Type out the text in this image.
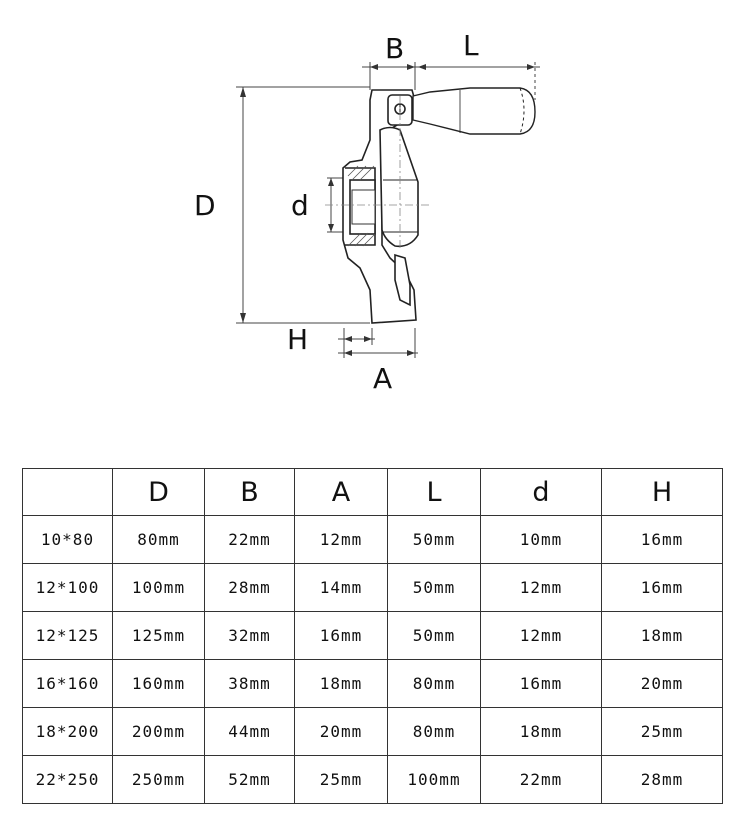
B L
D	d
H
A
	D	B	A	L	d	H
10*80	80mm	22mm	12mm	50mm	10mm	16mm
12*100	100mm	28mm	14mm	50mm	12mm	16mm
12*125	125mm	32mm	16mm	50mm	12mm	18mm
16*160	160mm	38mm	18mm	80mm	16mm	20mm
18*200	200mm	44mm	20mm	80mm	18mm	25mm
22*250	250mm	52mm	25mm	100mm	22mm	28mm
